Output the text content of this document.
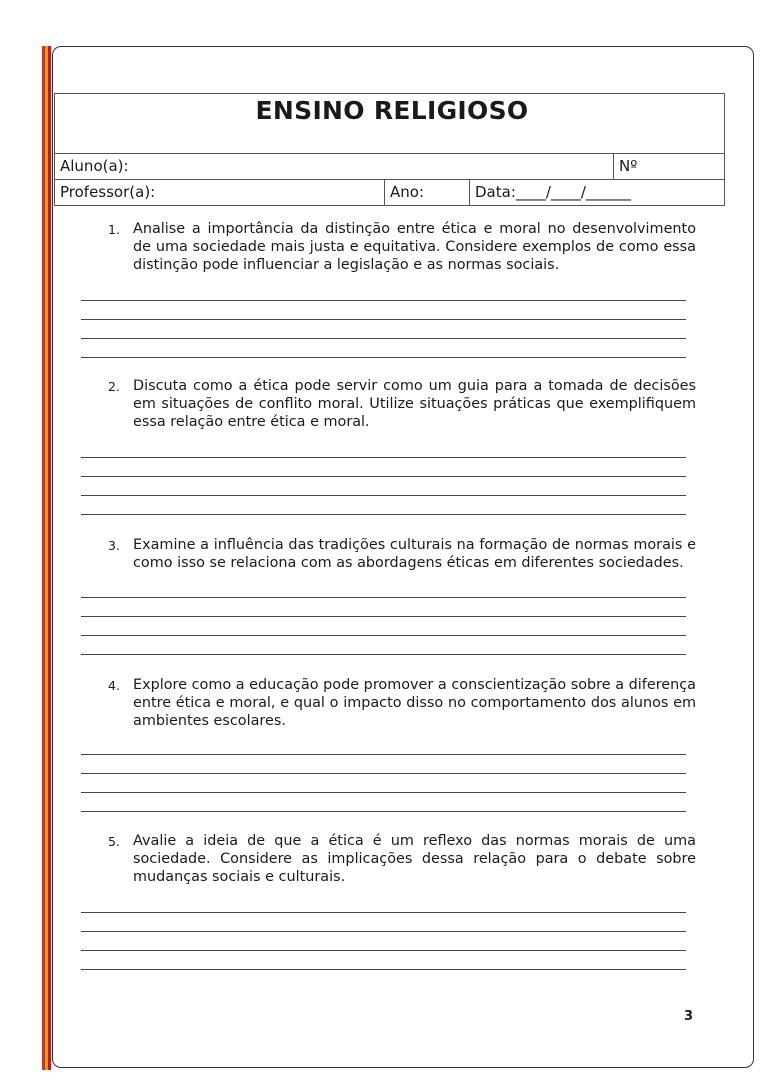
ENSINO RELIGIOSO			
Aluno(a):			Nº
Professor(a):	Ano:	Data:____/____/______	
1. Analise a importância da distinção entre ética e moral no desenvolvimento de uma sociedade mais justa e equitativa. Considere exemplos de como essa distinção pode influenciar a legislação e as normas sociais.
2. Discuta como a ética pode servir como um guia para a tomada de decisões em situações de conflito moral. Utilize situações práticas que exemplifiquem essa relação entre ética e moral.
3. Examine a influência das tradições culturais na formação de normas morais e como isso se relaciona com as abordagens éticas em diferentes sociedades.
4. Explore como a educação pode promover a conscientização sobre a diferença entre ética e moral, e qual o impacto disso no comportamento dos alunos em ambientes escolares.
5. Avalie a ideia de que a ética é um reflexo das normas morais de uma sociedade. Considere as implicações dessa relação para o debate sobre mudanças sociais e culturais.
3
